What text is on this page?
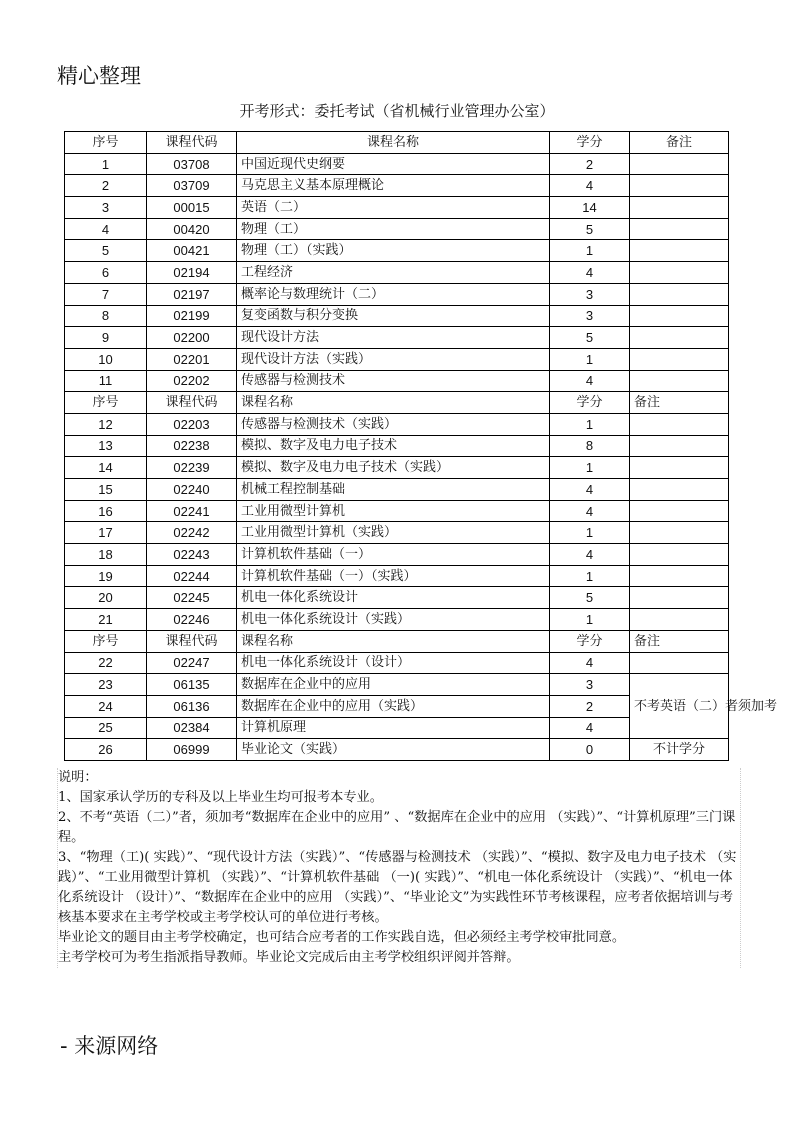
精心整理
开考形式：委托考试（省机械行业管理办公室）
序号	课程代码	课程名称	学分	备注
1	03708	中国近现代史纲要	2	
2	03709	马克思主义基本原理概论	4	
3	00015	英语（二）	14	
4	00420	物理（工）	5	
5	00421	物理（工）（实践）	1	
6	02194	工程经济	4	
7	02197	概率论与数理统计（二）	3	
8	02199	复变函数与积分变换	3	
9	02200	现代设计方法	5	
10	02201	现代设计方法（实践）	1	
11	02202	传感器与检测技术	4	
序号	课程代码	课程名称	学分	备注
12	02203	传感器与检测技术（实践）	1	
13	02238	模拟、数字及电力电子技术	8	
14	02239	模拟、数字及电力电子技术（实践）	1	
15	02240	机械工程控制基础	4	
16	02241	工业用微型计算机	4	
17	02242	工业用微型计算机（实践）	1	
18	02243	计算机软件基础（一）	4	
19	02244	计算机软件基础（一）（实践）	1	
20	02245	机电一体化系统设计	5	
21	02246	机电一体化系统设计（实践）	1	
序号	课程代码	课程名称	学分	备注
22	02247	机电一体化系统设计（设计）	4	
23	06135	数据库在企业中的应用	3	不考英语（二）者须加考
24	06136	数据库在企业中的应用（实践）	2	
25	02384	计算机原理	4	
26	06999	毕业论文（实践）	0	不计学分

说明：

1、国家承认学历的专科及以上毕业生均可报考本专业。

2、不考“英语（二）”者，须加考“数据库在企业中的应用” 、“数据库在企业中的应用 （实践）”、“计算机原理”三门课程。

3、“物理（工)( 实践）”、“现代设计方法（实践）”、“传感器与检测技术 （实践）”、“模拟、数字及电力电子技术 （实践）”、“工业用微型计算机 （实践）”、“计算机软件基础 （一)( 实践）”、“机电一体化系统设计 （实践）”、“机电一体化系统设计 （设计）”、“数据库在企业中的应用 （实践）”、“毕业论文”为实践性环节考核课程，应考者依据培训与考核基本要求在主考学校或主考学校认可的单位进行考核。

毕业论文的题目由主考学校确定，也可结合应考者的工作实践自选，但必须经主考学校审批同意。

主考学校可为考生指派指导教师。毕业论文完成后由主考学校组织评阅并答辩。

- 来源网络
